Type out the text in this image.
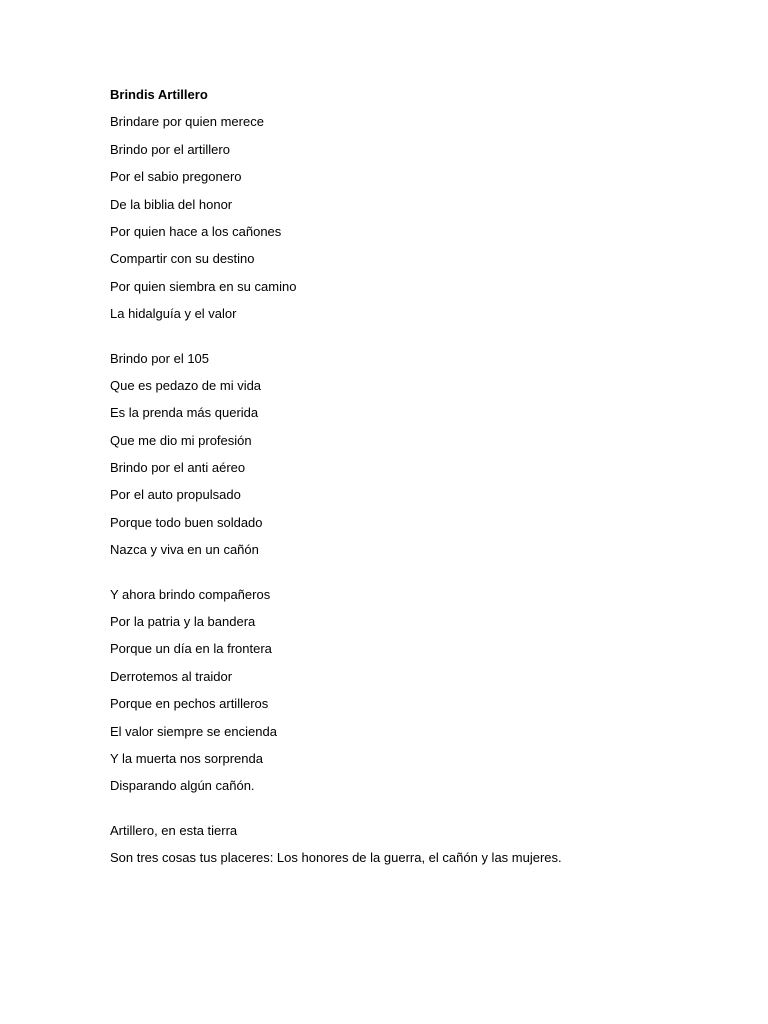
Brindis Artillero
Brindare por quien merece
Brindo por el artillero
Por el sabio pregonero
De la biblia del honor
Por quien hace a los cañones
Compartir con su destino
Por quien siembra en su camino
La hidalguía y el valor
Brindo por el 105
Que es pedazo de mi vida
Es la prenda más querida
Que me dio mi profesión
Brindo por el anti aéreo
Por el auto propulsado
Porque todo buen soldado
Nazca y viva en un cañón
Y ahora brindo compañeros
Por la patria y la bandera
Porque un día en la frontera
Derrotemos al traidor
Porque en pechos artilleros
El valor siempre se encienda
Y la muerta nos sorprenda
Disparando algún cañón.
Artillero, en esta tierra
Son tres cosas tus placeres: Los honores de la guerra, el cañón y las mujeres.
